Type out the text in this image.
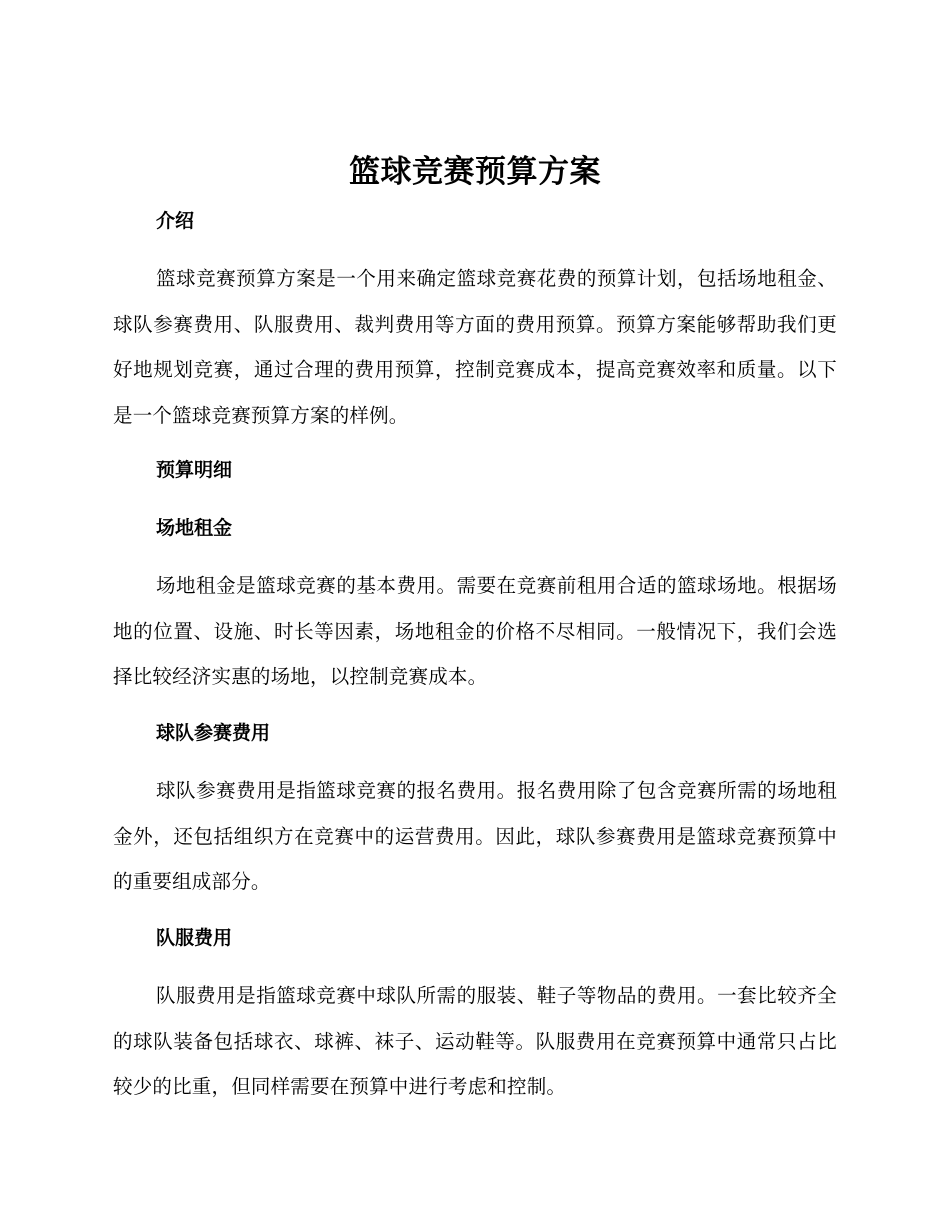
篮球竞赛预算方案
介绍

篮球竞赛预算方案是一个用来确定篮球竞赛花费的预算计划，包括场地租金、球队参赛费用、队服费用、裁判费用等方面的费用预算。预算方案能够帮助我们更好地规划竞赛，通过合理的费用预算，控制竞赛成本，提高竞赛效率和质量。以下是一个篮球竞赛预算方案的样例。

预算明细
场地租金

场地租金是篮球竞赛的基本费用。需要在竞赛前租用合适的篮球场地。根据场地的位置、设施、时长等因素，场地租金的价格不尽相同。一般情况下，我们会选择比较经济实惠的场地，以控制竞赛成本。

球队参赛费用

球队参赛费用是指篮球竞赛的报名费用。报名费用除了包含竞赛所需的场地租金外，还包括组织方在竞赛中的运营费用。因此，球队参赛费用是篮球竞赛预算中的重要组成部分。

队服费用

队服费用是指篮球竞赛中球队所需的服装、鞋子等物品的费用。一套比较齐全的球队装备包括球衣、球裤、袜子、运动鞋等。队服费用在竞赛预算中通常只占比较少的比重，但同样需要在预算中进行考虑和控制。
